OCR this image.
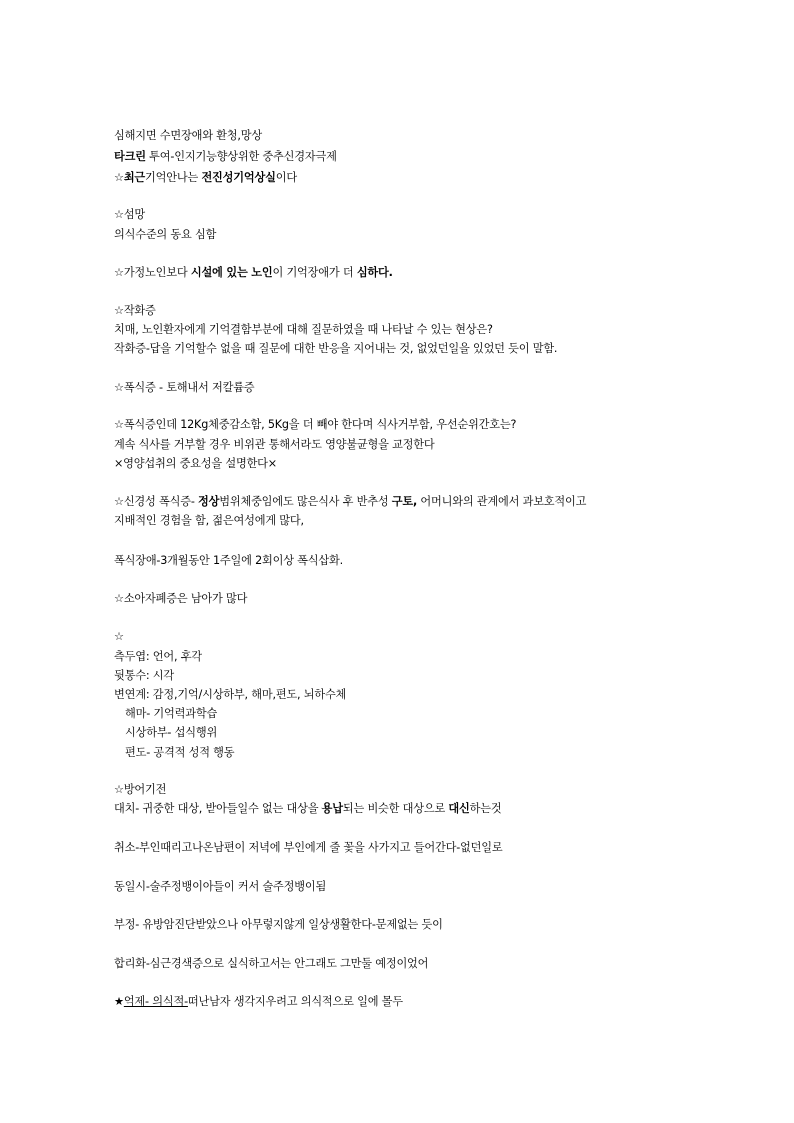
심해지면 수면장애와 환청,망상
타크린 투여-인지기능향상위한 중추신경자극제
☆최근기억안나는 전진성기억상실이다
☆섬망
의식수준의 동요 심함
☆가정노인보다 시설에 있는 노인이 기억장애가 더 심하다.
☆작화증
치매, 노인환자에게 기억결함부분에 대해 질문하였을 때 나타날 수 있는 현상은?
작화증-답을 기억할수 없을 때 질문에 대한 반응을 지어내는 것, 없었던일을 있었던 듯이 말함.
☆폭식증 - 토해내서 저칼륨증
☆폭식증인데 12Kg체중감소함, 5Kg을 더 빼야 한다며 식사거부함, 우선순위간호는?
계속 식사를 거부할 경우 비위관 통해서라도 영양불균형을 교정한다
×영양섭취의 중요성을 설명한다×
☆신경성 폭식증- 정상범위체중임에도 많은식사 후 반추성 구토, 어머니와의 관계에서 과보호적이고
지배적인 경험을 함, 젊은여성에게 많다,
폭식장애-3개월동안 1주일에 2회이상 폭식삽화.
☆소아자폐증은 남아가 많다
☆
측두엽: 언어, 후각
뒷통수: 시각
변연계: 감정,기억/시상하부, 해마,편도, 뇌하수체
해마- 기억력과학습
시상하부- 섭식행위
편도- 공격적 성적 행동
☆방어기전
대치- 귀중한 대상, 받아들일수 없는 대상을 용납되는 비슷한 대상으로 대신하는것
취소-부인때리고나온남편이 저녁에 부인에게 줄 꽃을 사가지고 들어간다-없던일로
동일시-술주정뱅이아들이 커서 술주정뱅이됨
부정- 유방암진단받았으나 아무렇지않게 일상생활한다-문제없는 듯이
합리화-심근경색증으로 실식하고서는 안그래도 그만둘 예정이었어
★억제- 의식적-떠난남자 생각지우려고 의식적으로 일에 몰두
